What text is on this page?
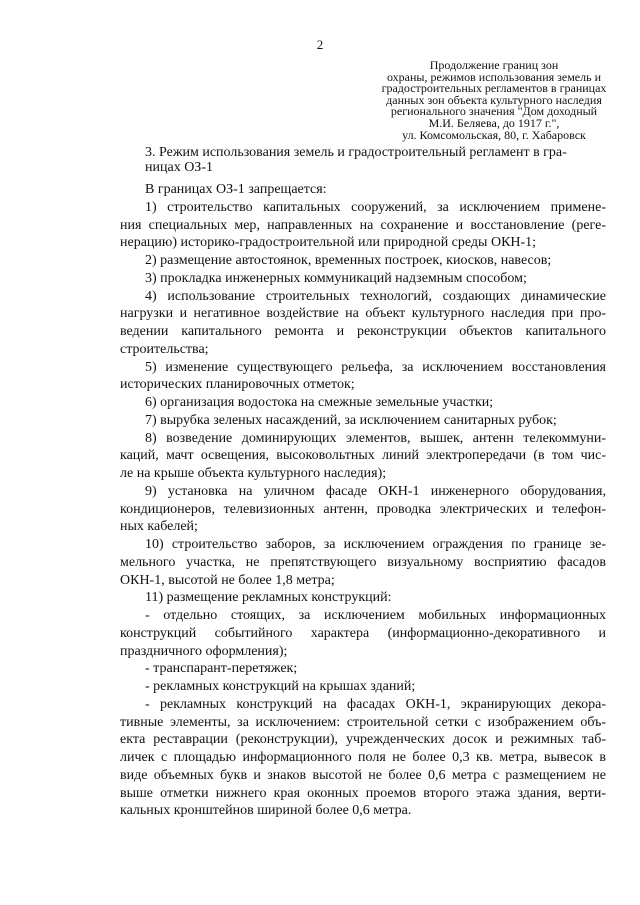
2
Продолжение границ зон
охраны, режимов использования земель и
градостроительных регламентов в границах
данных зон объекта культурного наследия
регионального значения "Дом доходный
М.И. Беляева, до 1917 г.",
ул. Комсомольская, 80, г. Хабаровск
3. Режим использования земель и градостроительный регламент в гра-
ницах ОЗ-1
В границах ОЗ-1 запрещается:
1) строительство капитальных сооружений, за исключением примене-
ния специальных мер, направленных на сохранение и восстановление (реге-
нерацию) историко-градостроительной или природной среды ОКН-1;
2) размещение автостоянок, временных построек, киосков, навесов;
3) прокладка инженерных коммуникаций надземным способом;
4) использование строительных технологий, создающих динамические
нагрузки и негативное воздействие на объект культурного наследия при про-
ведении капитального ремонта и реконструкции объектов капитального
строительства;
5) изменение существующего рельефа, за исключением восстановления
исторических планировочных отметок;
6) организация водостока на смежные земельные участки;
7) вырубка зеленых насаждений, за исключением санитарных рубок;
8) возведение доминирующих элементов, вышек, антенн телекоммуни-
каций, мачт освещения, высоковольтных линий электропередачи (в том чис-
ле на крыше объекта культурного наследия);
9) установка на уличном фасаде ОКН-1 инженерного оборудования,
кондиционеров, телевизионных антенн, проводка электрических и телефон-
ных кабелей;
10) строительство заборов, за исключением ограждения по границе зе-
мельного участка, не препятствующего визуальному восприятию фасадов
ОКН-1, высотой не более 1,8 метра;
11) размещение рекламных конструкций:
- отдельно стоящих, за исключением мобильных информационных
конструкций событийного характера (информационно-декоративного и
праздничного оформления);
- транспарант-перетяжек;
- рекламных конструкций на крышах зданий;
- рекламных конструкций на фасадах ОКН-1, экранирующих декора-
тивные элементы, за исключением: строительной сетки с изображением объ-
екта реставрации (реконструкции), учрежденческих досок и режимных таб-
личек с площадью информационного поля не более 0,3 кв. метра, вывесок в
виде объемных букв и знаков высотой не более 0,6 метра с размещением не
выше отметки нижнего края оконных проемов второго этажа здания, верти-
кальных кронштейнов шириной более 0,6 метра.
